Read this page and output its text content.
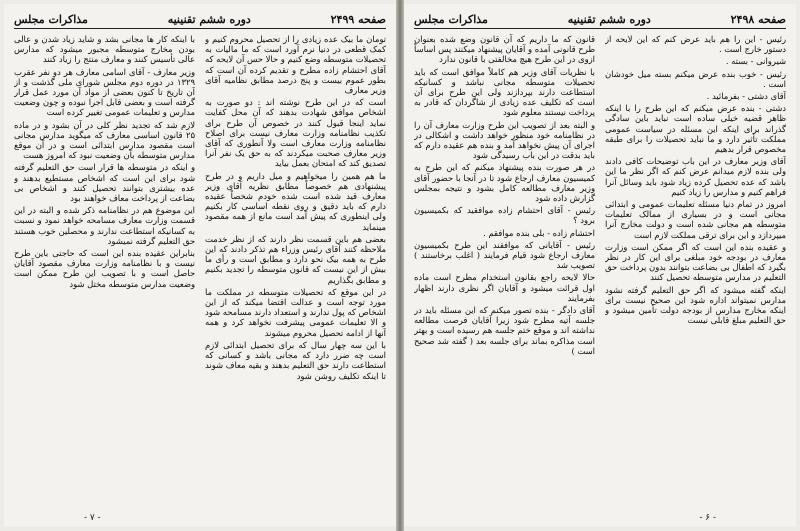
صفحه ۲۴۹۹
دوره ششم تقنینیه
مذاکرات مجلس

تومان ما بیک عده زیادی را از تحصیل محروم کنیم و کمک قطعی در دنیا نرم آورد است که ما مالیات به تحصیلات متوسطه وضع کنیم و حالا حس آن لایحه که آقای احتشام زاده مطرح و تقدیم کرده آن است که بطور عموم بیست و پنج درصد مطابق نظامیه آقای وزیر معارف

است که در این طرح نوشته اند : دو صورت به اشخاص موافق شهادت بدهند که آن محل کفایت نماید اینجا قبول کنند در خصوص آن طرح برای تکذیب نظامنامه وزارت معارف نیست برای اصلاح نظامنامه وزارت معارف است ولا آنطوری که آقای وزیر معارف صحبت میکردند که به حق یک نفر آنرا تصدیق کند که امتحان بعمل بیاید

ما هم همین را میخواهیم و میل داریم و در طرح پیشنهادی هم خصوصاً مطابق نظریه آقای وزیر معارف قید شده است شده خودم شخصاً عقیده دارم که باید دقیق و روی نقطه اساسی کار بکنیم ولی اینطوری که پیش آمد است مانع از همه مقصود مینماید

بعضی هم باین قسمت نظر دارند که از نظر خدمت ملاحظه کنند آقای رئیس وزراء هم تذکر دادند که این طرح به همه بیک نحو دارد و مطابق است و رأی ما بیش از این نیست که قانون متوسطه را تجدید بکنیم و مطابق بگذاریم

در این موقع که تحصیلات متوسطه در مملکت ما مورد توجه است و عدالت اقتضا میکند که از این اشخاص که پول ندارند و استعداد دارند مسامحه شود و الا تعلیمات عمومی پیشرفت نخواهد کرد و همه آنها از ادامه تحصیل محروم میشوند

با این سه چهار سال که برای تحصیل ابتدائی لازم است چه ضرر دارد که مجانی باشد و کسانی که استطاعت دارند حق التعلیم بدهند و بقیه معاف شوند تا اینکه تکلیف روشن شود

با اینکه کار ها مجانی بشد و شاید زیاد شدن و عالی بودن مخارج متوسطه مجبور میشود که مدارس عالی تأسیس کنند و معارف منتج را زیاد کنند

وزیر معارف - آقای اسامی معارف هر دو نفر عقرب ۱۳۲۹ در دوره دوم مجلس شورای ملی گذشت و از آن تاریخ تا کنون بعضی از مواد آن مورد عمل قرار گرفته است و بعضی قابل اجرا نبوده و چون وضعیت مدارس و تعلیمات عمومی تغییر کرده است

لازم شد که تجدید نظر کلی در آن بشود و در ماده ۲۵ قانون اساسی معارف که میگوید مدارس مجانی است مقصود مدارس ابتدائی است و در آن موقع مدارس متوسطه بآن وضعیت نبود که امروز هست

و اینکه در متوسطه ها قرار است حق التعلیم گرفته شود برای این است که اشخاص مستطیع بدهند و عده بیشتری بتوانند تحصیل کنند و اشخاص بی بضاعت از پرداخت معاف خواهند بود

این موضوع هم در نظامنامه ذکر شده و البته در این قسمت وزارت معارف مسامحه خواهد نمود و نسبت به کسانیکه استطاعت ندارند و محصلین خوب هستند حق التعلیم گرفته نمیشود

بنابراین عقیده بنده این است که حاجتی باین طرح نیست و با نظامنامه وزارت معارف مقصود آقایان حاصل است و با تصویب این طرح ممکن است وضعیت مدارس متوسطه مختل شود

- ۷ -
صفحه ۲۴۹۸
دوره ششم تقنینیه
مذاکرات مجلس

رئیس - این را هم باید عرض کنم که این لایحه از دستور خارج است .

شیروانی - بسته .

رئیس - خوب بنده عرض میکنم بسته میل خودشان است .

آقای دشتی - بفرمائید .

دشتی - بنده عرض میکنم که این طرح را با اینکه ظاهر قضیه خیلی ساده است نباید باین سادگی گذراند برای اینکه این مسئله در سیاست عمومی مملکت تأثیر دارد و ما نباید تحصیلات را برای طبقه مخصوص قرار بدهیم

آقای وزیر معارف در این باب توضیحات کافی دادند ولی بنده لازم میدانم عرض کنم که اگر نظر ما این باشد که عده تحصیل کرده زیاد شود باید وسائل آنرا فراهم کنیم و مدارس را زیاد کنیم

امروز در تمام دنیا مسئله تعلیمات عمومی و ابتدائی مجانی است و در بسیاری از ممالک تعلیمات متوسطه هم مجانی شده است و دولت مخارج آنرا میپردازد و این برای ترقی مملکت لازم است

و عقیده بنده این است که اگر ممکن است وزارت معارف در بودجه خود مبلغی برای این کار در نظر بگیرد که اطفال بی بضاعت بتوانند بدون پرداخت حق التعلیم در مدارس متوسطه تحصیل کنند

اینکه گفته میشود که اگر حق التعلیم گرفته نشود مدارس نمیتواند اداره شود این صحیح نیست برای اینکه مخارج مدارس از بودجه دولت تأمین میشود و حق التعلیم مبلغ قابلی نیست

قانون که ما داریم که آن قانون وضع شده بعنوان طرح قانونی آمده و آقایان پیشنهاد میکنند پس اساساً ازوی در این طرح هیچ مخالفتی با قانون ندارد

با نظریات آقای وزیر هم کاملاً موافق است که باید تحصیلات متوسطه مجانی نباشد و کسانیکه استطاعت دارند بپردازند ولی این طرح برای آن است که تکلیف عده زیادی از شاگردان که قادر به پرداخت نیستند معلوم شود

و البته بعد از تصویب این طرح وزارت معارف آن را در نظامنامه خود منظور خواهد داشت و اشکالی در اجرای آن پیش نخواهد آمد و بنده هم عقیده دارم که باید بدقت در این باب رسیدگی شود

در هر صورت بنده پیشنهاد میکنم که این طرح به کمیسیون معارف ارجاع شود تا در آنجا با حضور آقای وزیر معارف مطالعه کامل بشود و نتیجه بمجلس گزارش داده شود

رئیس - آقای احتشام زاده موافقید که بکمیسیون برود ؟

احتشام زاده - بلی بنده موافقم .

رئیس - آقایانی که موافقند این طرح بکمیسیون معارف ارجاع شود قیام فرمایند ( اغلب برخاستند ) تصویب شد

حالا لایحه راجع بقانون استخدام مطرح است ماده اول قرائت میشود و آقایان اگر نظری دارند اظهار بفرمایند

آقای دادگر - بنده تصور میکنم که این مسئله باید در جلسه آتیه مطرح شود زیرا آقایان فرصت مطالعه نداشته اند و موقع ختم جلسه هم رسیده است و بهتر است مذاکره بماند برای جلسه بعد ( گفته شد صحیح است )

- ۶ -
